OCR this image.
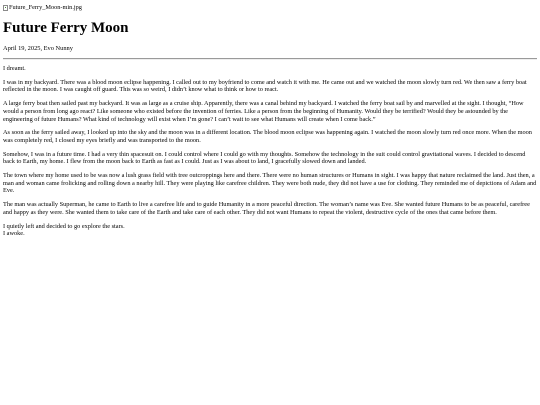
Future_Ferry_Moon-min.jpg
Future Ferry Moon

April 19, 2025, Evo Nunny

I dreamt.

I was in my backyard. There was a blood moon eclipse happening. I called out to my boyfriend to come and watch it with me. He came out and we watched the moon slowly turn red. We then saw a ferry boat reflected in the moon. I was caught off guard. This was so weird, I didn’t know what to think or how to react.

A large ferry boat then sailed past my backyard. It was as large as a cruise ship. Apparently, there was a canal behind my backyard. I watched the ferry boat sail by and marvelled at the sight. I thought, “How would a person from long ago react? Like someone who existed before the invention of ferries. Like a person from the beginning of Humanity. Would they be terrified? Would they be astounded by the engineering of future Humans? What kind of technology will exist when I’m gone? I can’t wait to see what Humans will create when I come back.”

As soon as the ferry sailed away, I looked up into the sky and the moon was in a different location. The blood moon eclipse was happening again. I watched the moon slowly turn red once more. When the moon was completely red, I closed my eyes briefly and was transported to the moon.

Somehow, I was in a future time. I had a very thin spacesuit on. I could control where I could go with my thoughts. Somehow the technology in the suit could control gravitational waves. I decided to descend back to Earth, my home. I flew from the moon back to Earth as fast as I could. Just as I was about to land, I gracefully slowed down and landed.

The town where my home used to be was now a lush grass field with tree outcroppings here and there. There were no human structures or Humans in sight. I was happy that nature reclaimed the land. Just then, a man and woman came frolicking and rolling down a nearby hill. They were playing like carefree children. They were both nude, they did not have a use for clothing. They reminded me of depictions of Adam and Eve.

The man was actually Superman, he came to Earth to live a carefree life and to guide Humanity in a more peaceful direction. The woman’s name was Eve. She wanted future Humans to be as peaceful, carefree and happy as they were. She wanted them to take care of the Earth and take care of each other. They did not want Humans to repeat the violent, destructive cycle of the ones that came before them.

I quietly left and decided to go explore the stars.

I awoke.
